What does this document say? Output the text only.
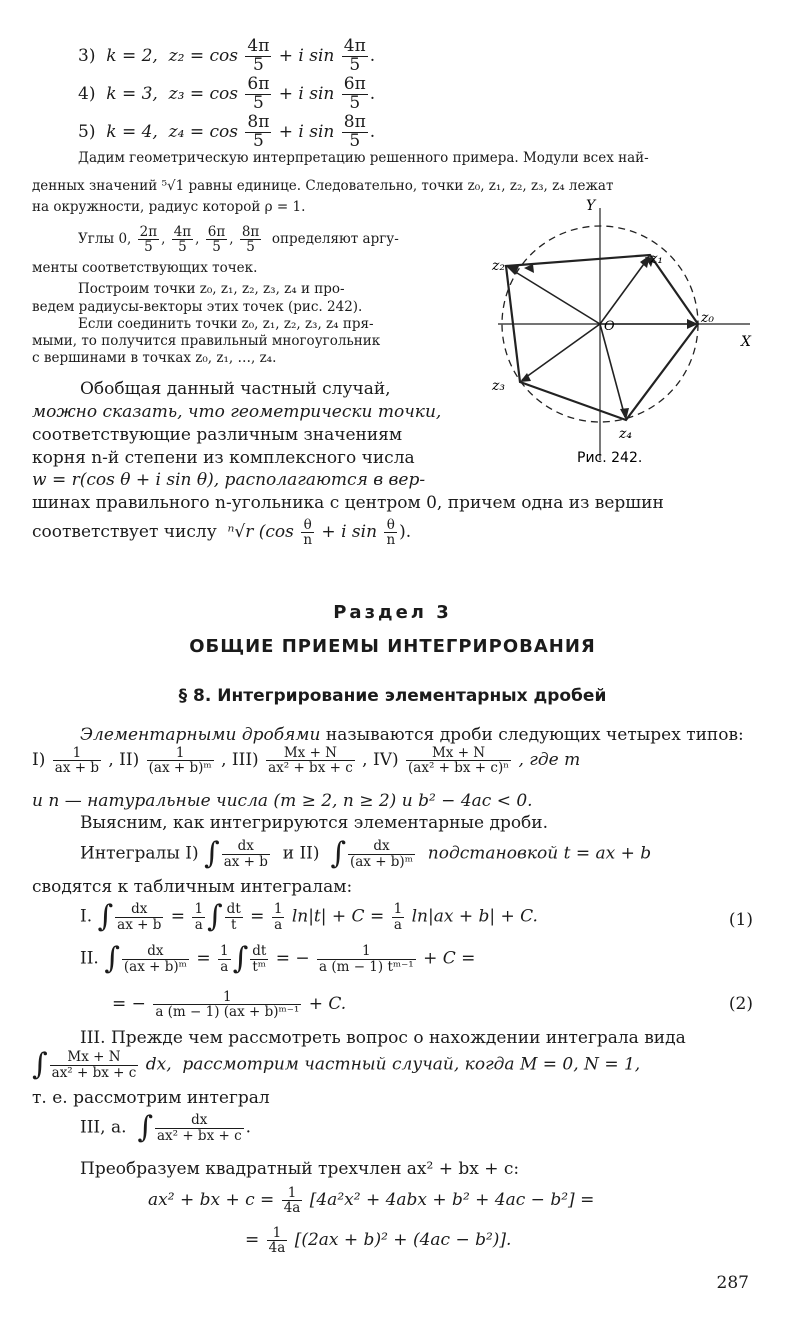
3) k = 2, $z_2 = \cos \frac{4\pi}{5} + i$ $\sin \frac{4\pi}{5}$ .
4) k = 3, $z_3 = \cos \frac{6\pi}{5} + i$ $\sin \frac{6\pi}{5}$ .
5) k = 4, $z_4 = \cos \frac{8\pi}{5} + i$ $\sin \frac{8\pi}{5}$ .
Дадим геометрическую интерпретацию решенного примера. Модули всех най-
денных значений ⁵√1 равны единице. Следовательно, точки z₀, z₁, z₂, z₃, z₄ лежат
на окружности, радиус которой ρ = 1.
Углы 0, $\frac{2\pi}{5}$ , $\frac{4\pi}{5}$ , $\frac{6\pi}{5}$ , $\frac{8\pi}{5}$ определяют аргу-
менты соответствующих точек.
Построим точки z₀, z₁, z₂, z₃, z₄ и про-
ведем радиусы-векторы этих точек (рис. 242).
Если соединить точки z₀, z₁, z₂, z₃, z₄ пря-
мыми, то получится правильный многоугольник
с вершинами в точках z₀, z₁, …, z₄.
Y
X
O
z₀
z₁
z₂
z₃
z₄
Рис. 242.
Обобщая данный частный случай,
можно сказать, что геометрически точки,
соответствующие различным значениям
корня n-й степени из комплексного числа
w = r(cos θ + i sin θ), располагаются в вер-
шинах правильного n-угольника с центром 0, причем одна из вершин
соответствует числу ⁿ√r ($\cos \frac{\theta}{n} + i$ $\sin \frac{\theta}{n}$ ).
Раздел 3
ОБЩИЕ ПРИЕМЫ ИНТЕГРИРОВАНИЯ
§ 8. Интегрирование элементарных дробей
Элементарными дробями называются дроби следующих четырех типов:
$I) \frac{1}{ax + b}$ , $II) \frac{1}{\text{(ax + b)ᵐ}}$ , $III) \frac{Mx + N}{\text{ax² + bx + c}}$ , $IV) \frac{Mx + N}{\text{(ax² + bx + c)ⁿ}}$ , где m
и n — натуральные числа (m ≥ 2, n ≥ 2) и b² − 4ac < 0.
Выясним, как интегрируются элементарные дроби.
Интегралы I) ∫ $\frac{dx}{ax + b}$ и II) ∫ $\frac{dx}{\text{(ax + b)ᵐ}}$ подстановкой t = ax + b
сводятся к табличным интегралам:
I. ∫ $\frac{dx}{ax + b} = \frac{1}{a}$ ∫ $\frac{dt}{t} = \frac{1}{a} \ln|t| + C = \frac{1}{a} \ln|ax + b| + C$.	(1)
II. ∫ $\frac{dx}{\text{(ax + b)ᵐ}} = \frac{1}{a}$ ∫ $\frac{dt}{\text{tᵐ}}$ = − $\frac{1}{\text{a (m − 1) tᵐ⁻¹}} + C$ =
= − $\frac{1}{\text{a (m − 1) (ax + b)ᵐ⁻¹}} + C$.	(2)
III. Прежде чем рассмотреть вопрос о нахождении интеграла вида
∫ $\frac{Mx + N}{\text{ax² + bx + c}}$ dx, рассмотрим частный случай, когда M = 0, N = 1,
т. е. рассмотрим интеграл
III, a. ∫ $\frac{dx}{\text{ax² + bx + c}}$ .
Преобразуем квадратный трехчлен ax² + bx + c:
ax² + bx + $c = \frac{1}{4a} [4a^2x^2 + 4abx + b^2 + 4ac - b^2]$ =
= $\frac{1}{4a} [(2ax + b)^2 + (4ac - b^2)]$.
287
